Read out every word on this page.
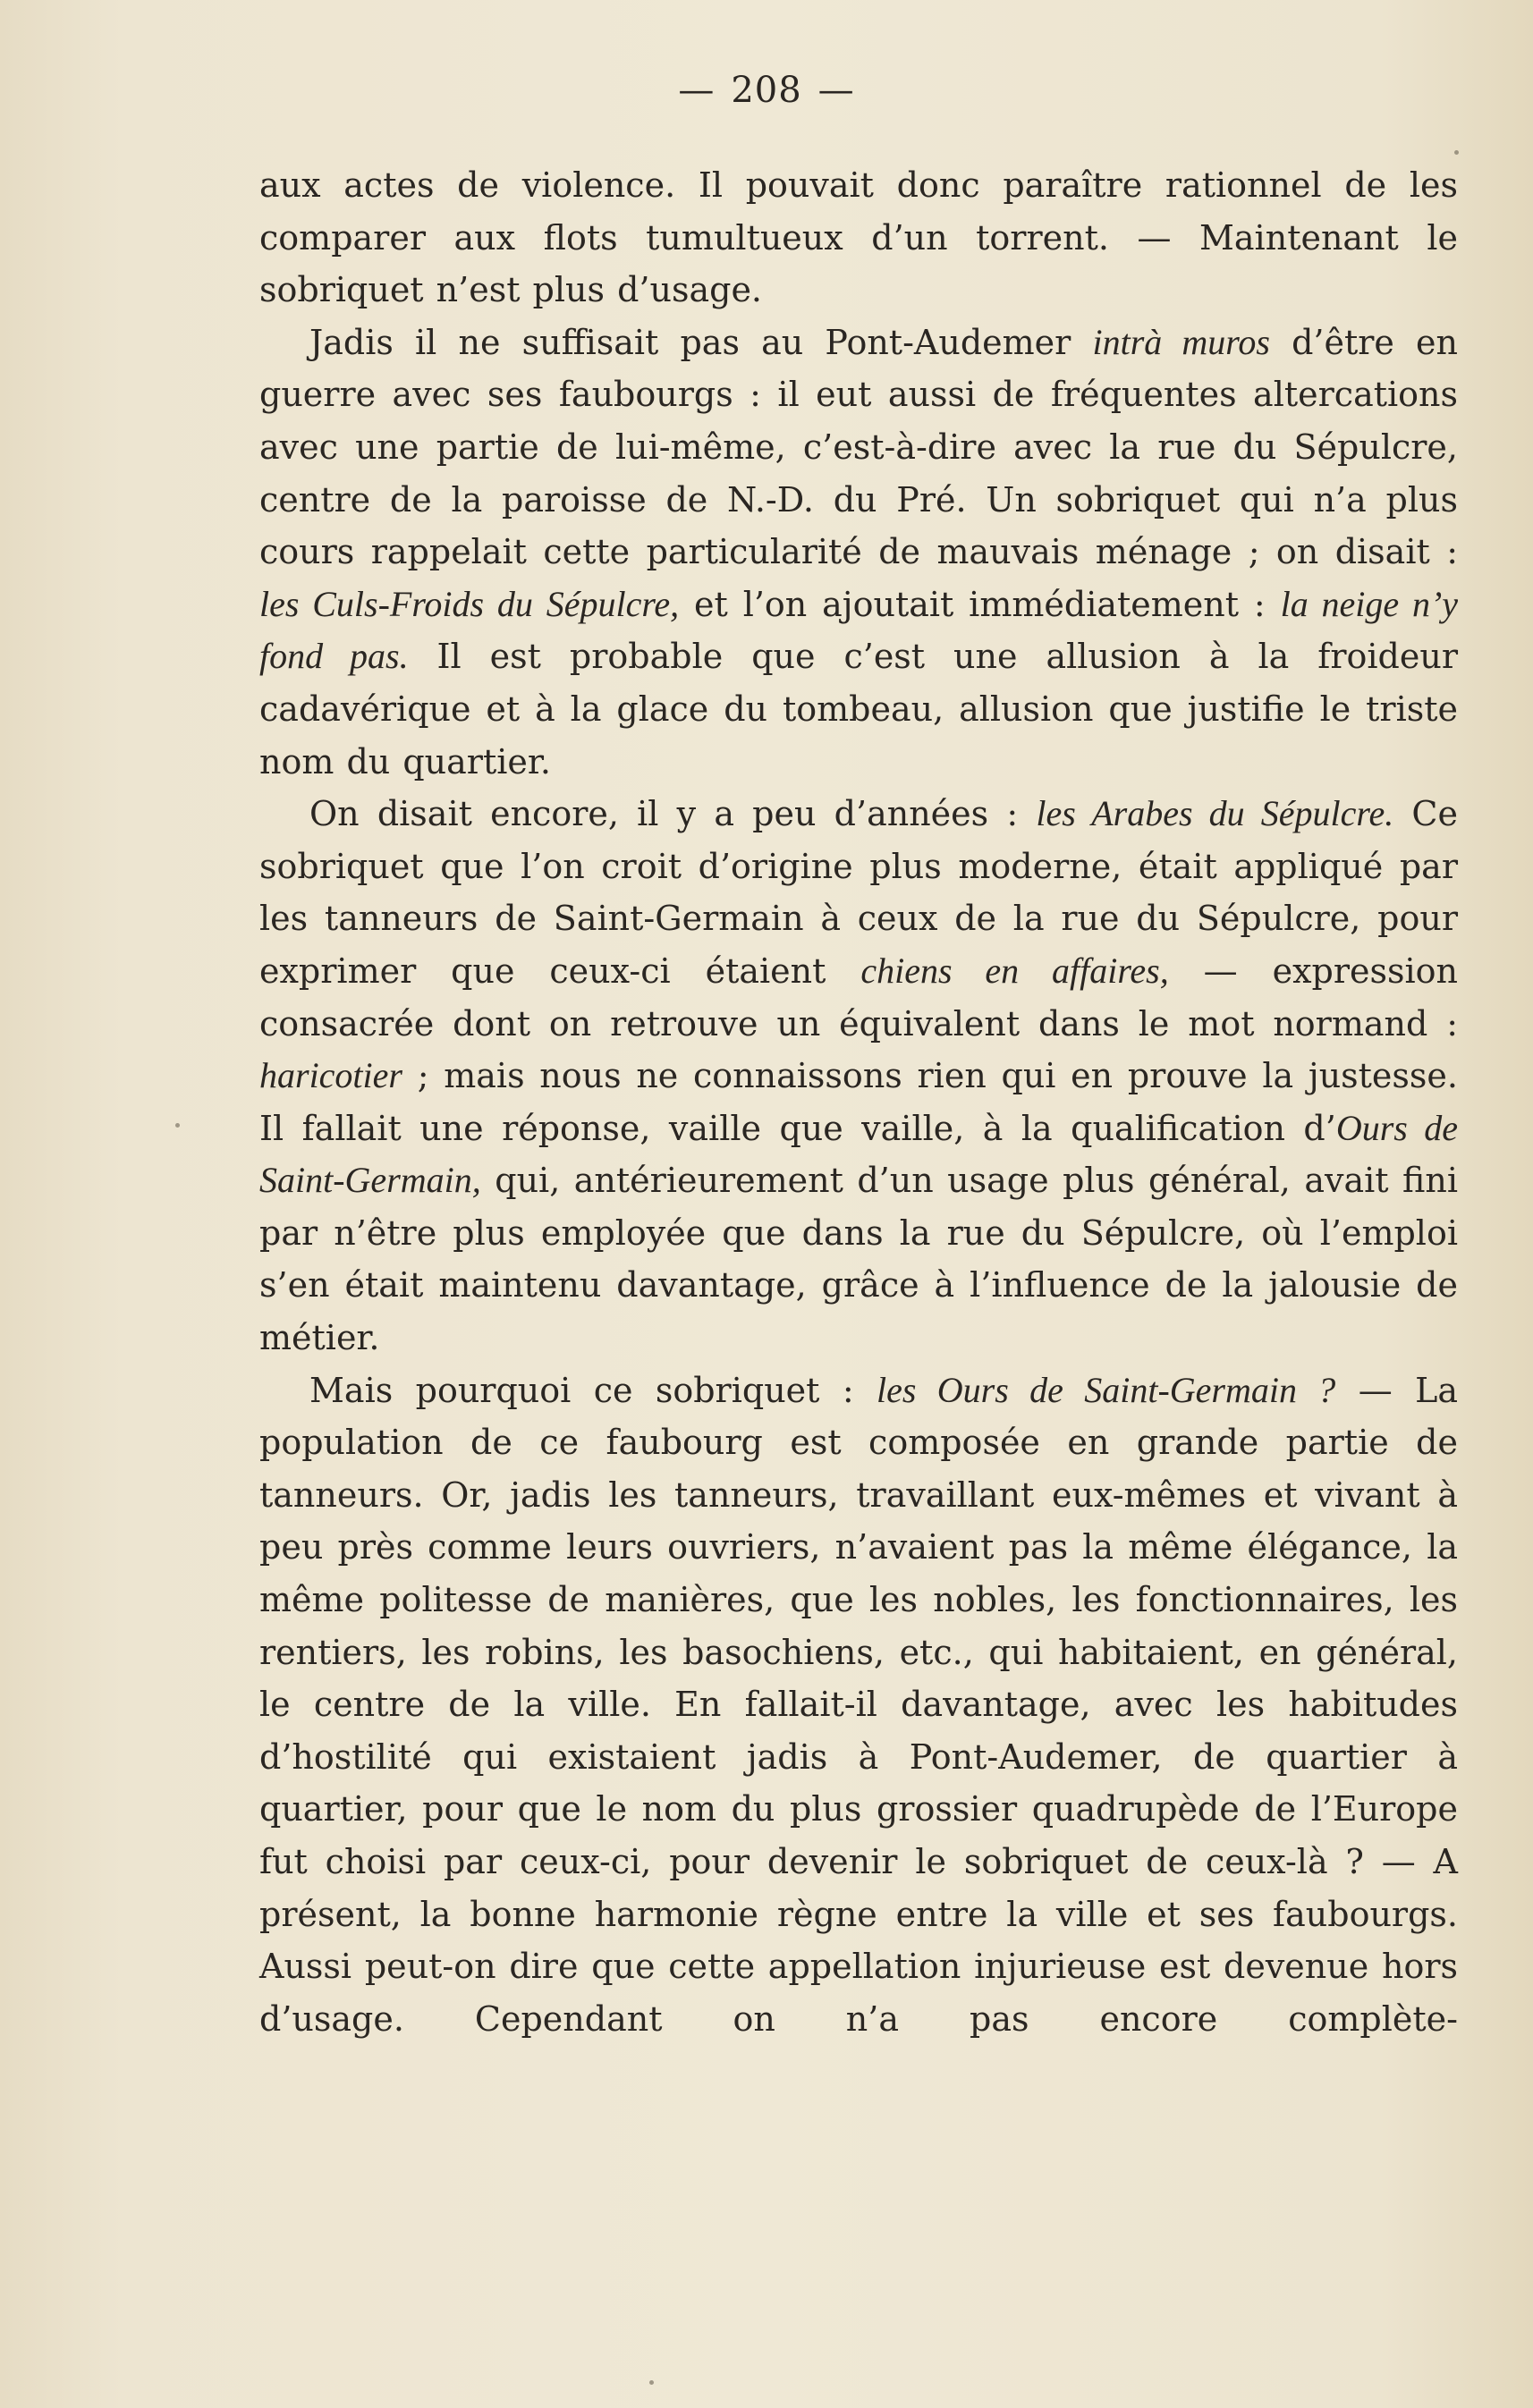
— 208 —

aux actes de violence. Il pouvait donc paraître rationnel de les comparer aux flots tumultueux d’un torrent. — Maintenant le sobriquet n’est plus d’usage.

Jadis il ne suffisait pas au Pont-Audemer intrà muros d’être en guerre avec ses faubourgs : il eut aussi de fréquentes altercations avec une partie de lui-même, c’est-à-dire avec la rue du Sépulcre, centre de la paroisse de N.-D. du Pré. Un sobriquet qui n’a plus cours rappelait cette particularité de mauvais ménage ; on disait : les Culs-Froids du Sépulcre, et l’on ajoutait immédiatement : la neige n’y fond pas. Il est probable que c’est une allusion à la froideur cadavérique et à la glace du tombeau, allusion que justifie le triste nom du quartier.

On disait encore, il y a peu d’années : les Arabes du Sépulcre. Ce sobriquet que l’on croit d’origine plus moderne, était appliqué par les tanneurs de Saint-Germain à ceux de la rue du Sépulcre, pour exprimer que ceux-ci étaient chiens en affaires, — expression consacrée dont on retrouve un équivalent dans le mot normand : haricotier ; mais nous ne connaissons rien qui en prouve la justesse. Il fallait une réponse, vaille que vaille, à la qualification d’Ours de Saint-Germain, qui, antérieurement d’un usage plus général, avait fini par n’être plus employée que dans la rue du Sépulcre, où l’emploi s’en était maintenu davantage, grâce à l’influence de la jalousie de métier.

Mais pourquoi ce sobriquet : les Ours de Saint-Germain ? — La population de ce faubourg est composée en grande partie de tanneurs. Or, jadis les tanneurs, travaillant eux-mêmes et vivant à peu près comme leurs ouvriers, n’avaient pas la même élégance, la même politesse de manières, que les nobles, les fonctionnaires, les rentiers, les robins, les basochiens, etc., qui habitaient, en général, le centre de la ville. En fallait-il davantage, avec les habitudes d’hostilité qui existaient jadis à Pont-Audemer, de quartier à quartier, pour que le nom du plus grossier quadrupède de l’Europe fut choisi par ceux-ci, pour devenir le sobriquet de ceux-là ? — A présent, la bonne harmonie règne entre la ville et ses faubourgs. Aussi peut-on dire que cette appellation injurieuse est devenue hors d’usage. Cependant on n’a pas encore complète-
